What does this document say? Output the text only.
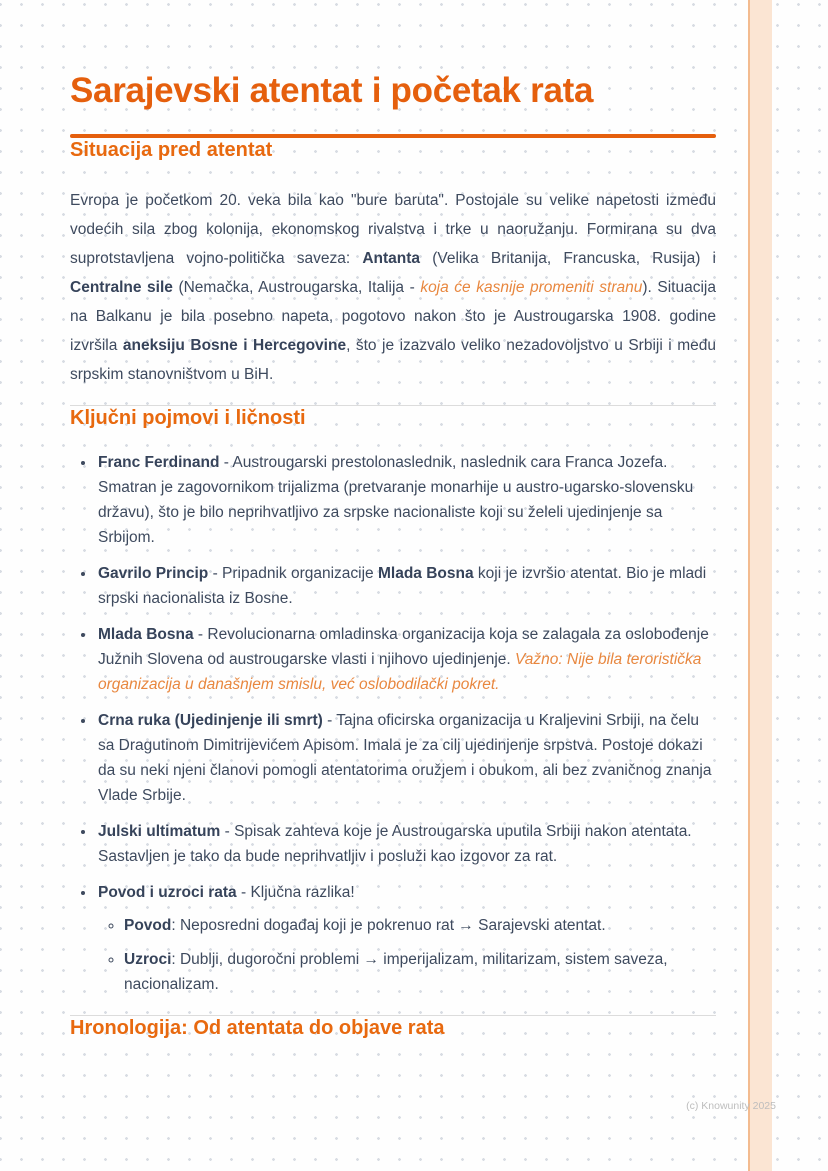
Sarajevski atentat i početak rata
Situacija pred atentat

Evropa je početkom 20. veka bila kao "bure baruta". Postojale su velike napetosti između vodećih sila zbog kolonija, ekonomskog rivalstva i trke u naoružanju. Formirana su dva suprotstavljena vojno-politička saveza: Antanta (Velika Britanija, Francuska, Rusija) i Centralne sile (Nemačka, Austrougarska, Italija - koja će kasnije promeniti stranu). Situacija na Balkanu je bila posebno napeta, pogotovo nakon što je Austrougarska 1908. godine izvršila aneksiju Bosne i Hercegovine, što je izazvalo veliko nezadovoljstvo u Srbiji i među srpskim stanovništvom u BiH.

Ključni pojmovi i ličnosti
• Franc Ferdinand - Austrougarski prestolonaslednik, naslednik cara Franca Jozefa. Smatran je zagovornikom trijalizma (pretvaranje monarhije u austro-ugarsko-slovensku državu), što je bilo neprihvatljivo za srpske nacionaliste koji su želeli ujedinjenje sa Srbijom.
• Gavrilo Princip - Pripadnik organizacije Mlada Bosna koji je izvršio atentat. Bio je mladi srpski nacionalista iz Bosne.
• Mlada Bosna - Revolucionarna omladinska organizacija koja se zalagala za oslobođenje Južnih Slovena od austrougarske vlasti i njihovo ujedinjenje. Važno: Nije bila teroristička organizacija u današnjem smislu, već oslobodilački pokret.
• Crna ruka (Ujedinjenje ili smrt) - Tajna oficirska organizacija u Kraljevini Srbiji, na čelu sa Dragutinom Dimitrijevićem Apisom. Imala je za cilj ujedinjenje srpstva. Postoje dokazi da su neki njeni članovi pomogli atentatorima oružjem i obukom, ali bez zvaničnog znanja Vlade Srbije.
• Julski ultimatum - Spisak zahteva koje je Austrougarska uputila Srbiji nakon atentata. Sastavljen je tako da bude neprihvatljiv i posluži kao izgovor za rat.
• Povod i uzroci rata - Ključna razlika!
◦ Povod: Neposredni događaj koji je pokrenuo rat → Sarajevski atentat.
◦ Uzroci: Dublji, dugoročni problemi → imperijalizam, militarizam, sistem saveza, nacionalizam.
Hronologija: Od atentata do objave rata
(c) Knowunity 2025
